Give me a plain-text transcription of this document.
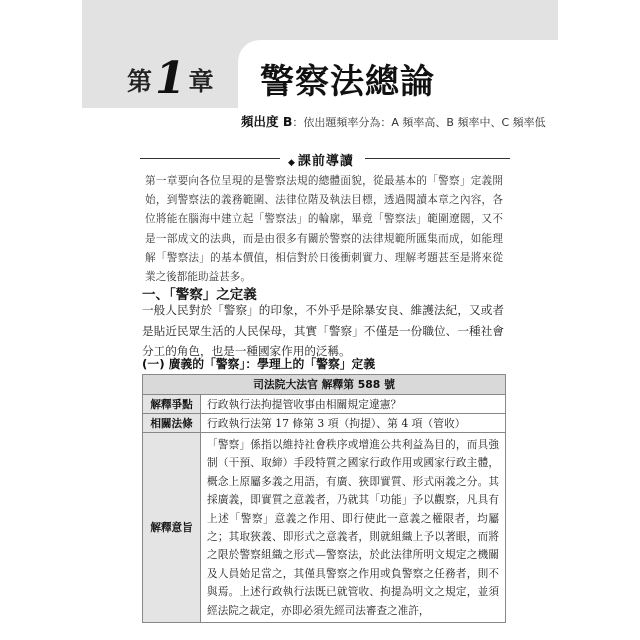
第 1 章 警察法總論
頻出度 B：依出題頻率分為：A 頻率高、B 頻率中、C 頻率低
◆ 課前導讀

第一章要向各位呈現的是警察法規的總體面貌，從最基本的「警察」定義開始，到警察法的義務範圍、法律位階及執法目標，透過閱讀本章之內容，各位將能在腦海中建立起「警察法」的輪廓，畢竟「警察法」範圍遼闊，又不是一部成文的法典，而是由很多有關於警察的法律規範所匯集而成，如能理解「警察法」的基本價值，相信對於日後衝刺實力、理解考題甚至是將來從業之後都能助益甚多。

一、「警察」之定義

一般人民對於「警察」的印象，不外乎是除暴安良、維護法紀，又或者是貼近民眾生活的人民保母，其實「警察」不僅是一份職位、一種社會分工的角色，也是一種國家作用的泛稱。

(一) 廣義的「警察」：學理上的「警察」定義
司法院大法官 解釋第 588 號	
解釋爭點	行政執行法拘提管收事由相關規定違憲？
相關法條	行政執行法第 17 條第 3 項（拘提）、第 4 項（管收）
解釋意旨	「警察」係指以維持社會秩序或增進公共利益為目的，而具強制（干預、取締）手段特質之國家行政作用或國家行政主體，概念上原屬多義之用語，有廣、狹即實質、形式兩義之分。其採廣義，即實質之意義者，乃就其「功能」予以觀察，凡具有上述「警察」意義之作用、即行使此一意義之權限者，均屬之；其取狹義、即形式之意義者，則就組織上予以著眼，而將之限於警察組織之形式—警察法，於此法律所明文規定之機關及人員始足當之，其僅具警察之作用或負警察之任務者，則不與焉。上述行政執行法既已就管收、拘提為明文之規定，並須經法院之裁定，亦即必須先經司法審查之准許，
